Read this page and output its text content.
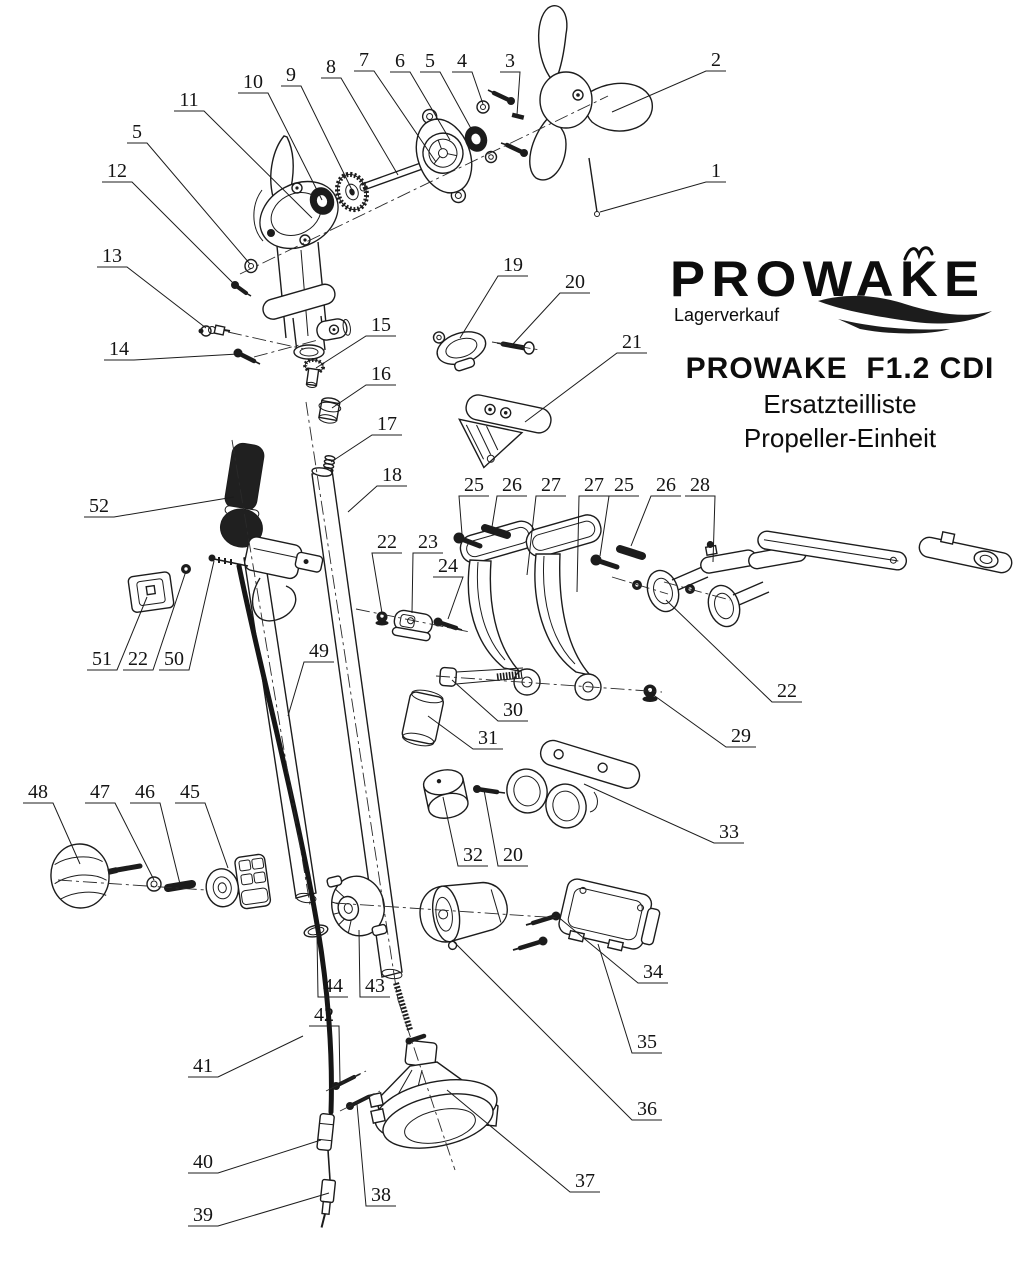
11
10 9 8 7 6 5 4 3	2
1
5
12
13
14
15
16
17
18
19
20
21
25 26 27 27 25 26 28
22 23
24
52
51 22 50	49
30
31
22
29
48 47 46 45
32 20
33
44 43
42
34
35
36
37
38
41
40
39
PROWAKE
Lagerverkauf
PROWAKE  F1.2 CDI
Ersatzteilliste
Propeller-Einheit
